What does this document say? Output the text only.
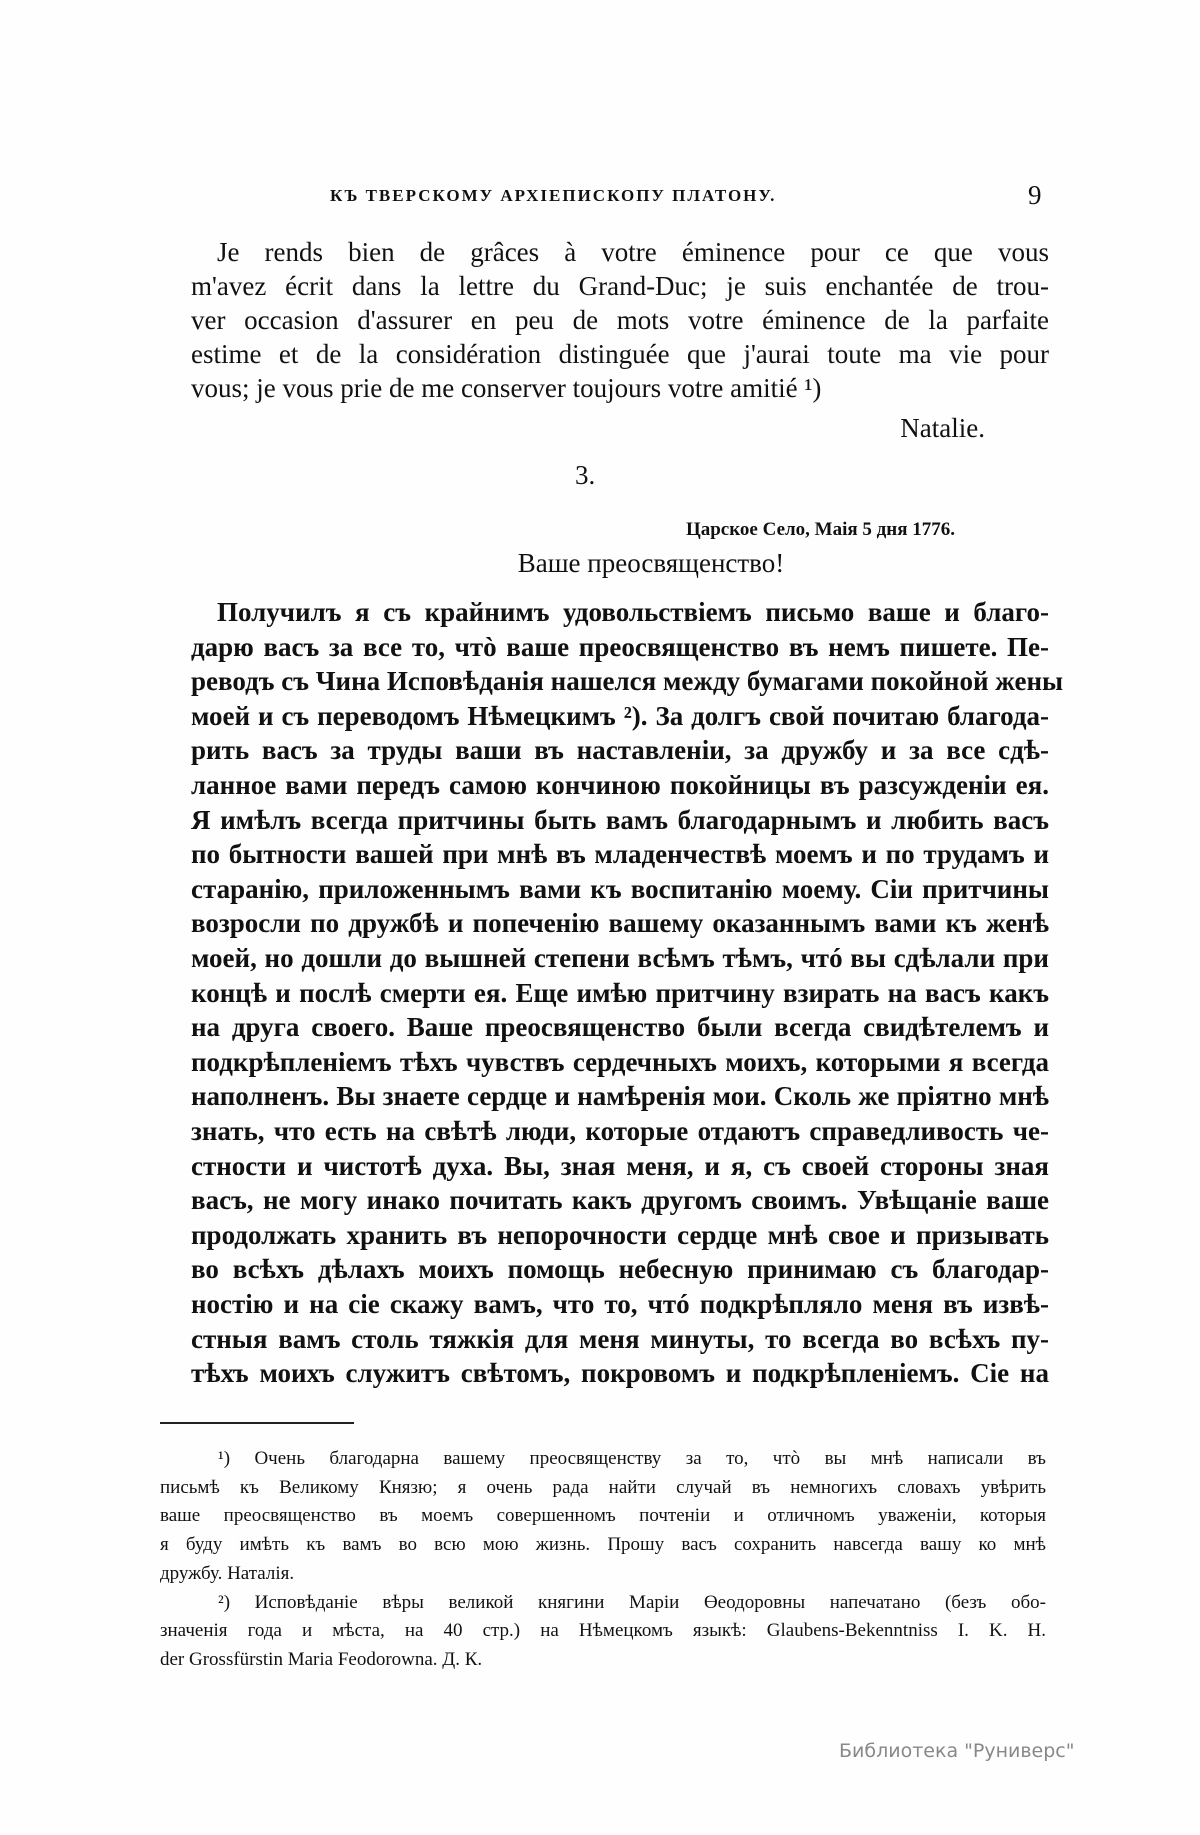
КЪ ТВЕРСКОМУ АРХІЕПИСКОПУ ПЛАТОНУ.	9
Je rends bien de grâces à votre éminence pour ce que vous
m'avez écrit dans la lettre du Grand-Duc; je suis enchantée de trou-
ver occasion d'assurer en peu de mots votre éminence de la parfaite
estime et de la considération distinguée que j'aurai toute ma vie pour
vous; je vous prie de me conserver toujours votre amitié ¹)
Natalie.
3.
Царское Село, Маія 5 дня 1776.
Ваше преосвященство!
Получилъ я съ крайнимъ удовольствіемъ письмо ваше и благо-
дарю васъ за все то, чтò ваше преосвященство въ немъ пишете. Пе-
реводъ съ Чина Исповѣданія нашелся между бумагами покойной жены
моей и съ переводомъ Нѣмецкимъ ²). За долгъ свой почитаю благода-
рить васъ за труды ваши въ наставленіи, за дружбу и за все сдѣ-
ланное вами передъ самою кончиною покойницы въ разсужденіи ея.
Я имѣлъ всегда притчины быть вамъ благодарнымъ и любить васъ
по бытности вашей при мнѣ въ младенчествѣ моемъ и по трудамъ и
старанію, приложеннымъ вами къ воспитанію моему. Сіи притчины
возросли по дружбѣ и попеченію вашему оказаннымъ вами къ женѣ
моей, но дошли до вышней степени всѣмъ тѣмъ, чтó вы сдѣлали при
концѣ и послѣ смерти ея. Еще имѣю притчину взирать на васъ какъ
на друга своего. Ваше преосвященство были всегда свидѣтелемъ и
подкрѣпленіемъ тѣхъ чувствъ сердечныхъ моихъ, которыми я всегда
наполненъ. Вы знаете сердце и намѣренія мои. Сколь же пріятно мнѣ
знать, что есть на свѣтѣ люди, которые отдаютъ справедливость че-
стности и чистотѣ духа. Вы, зная меня, и я, съ своей стороны зная
васъ, не могу инако почитать какъ другомъ своимъ. Увѣщаніе ваше
продолжать хранить въ непорочности сердце мнѣ свое и призывать
во всѣхъ дѣлахъ моихъ помощь небесную принимаю съ благодар-
ностію и на сіе скажу вамъ, что то, чтó подкрѣпляло меня въ извѣ-
стныя вамъ столь тяжкія для меня минуты, то всегда во всѣхъ пу-
тѣхъ моихъ служитъ свѣтомъ, покровомъ и подкрѣпленіемъ. Сіе на
¹) Очень благодарна вашему преосвященству за то, чтò вы мнѣ написали въ
письмѣ къ Великому Князю; я очень рада найти случай въ немногихъ словахъ увѣрить
ваше преосвященство въ моемъ совершенномъ почтеніи и отличномъ уваженіи, которыя
я буду имѣть къ вамъ во всю мою жизнь. Прошу васъ сохранить навсегда вашу ко мнѣ
дружбу. Наталія.
²) Исповѣданіе вѣры великой княгини Маріи Өеодоровны напечатано (безъ обо-
значенія года и мѣста, на 40 стр.) на Нѣмецкомъ языкѣ: Glaubens-Bekenntniss I. K. H.
der Grossfürstin Maria Feodorowna. Д. К.
Библиотека "Руниверс"
